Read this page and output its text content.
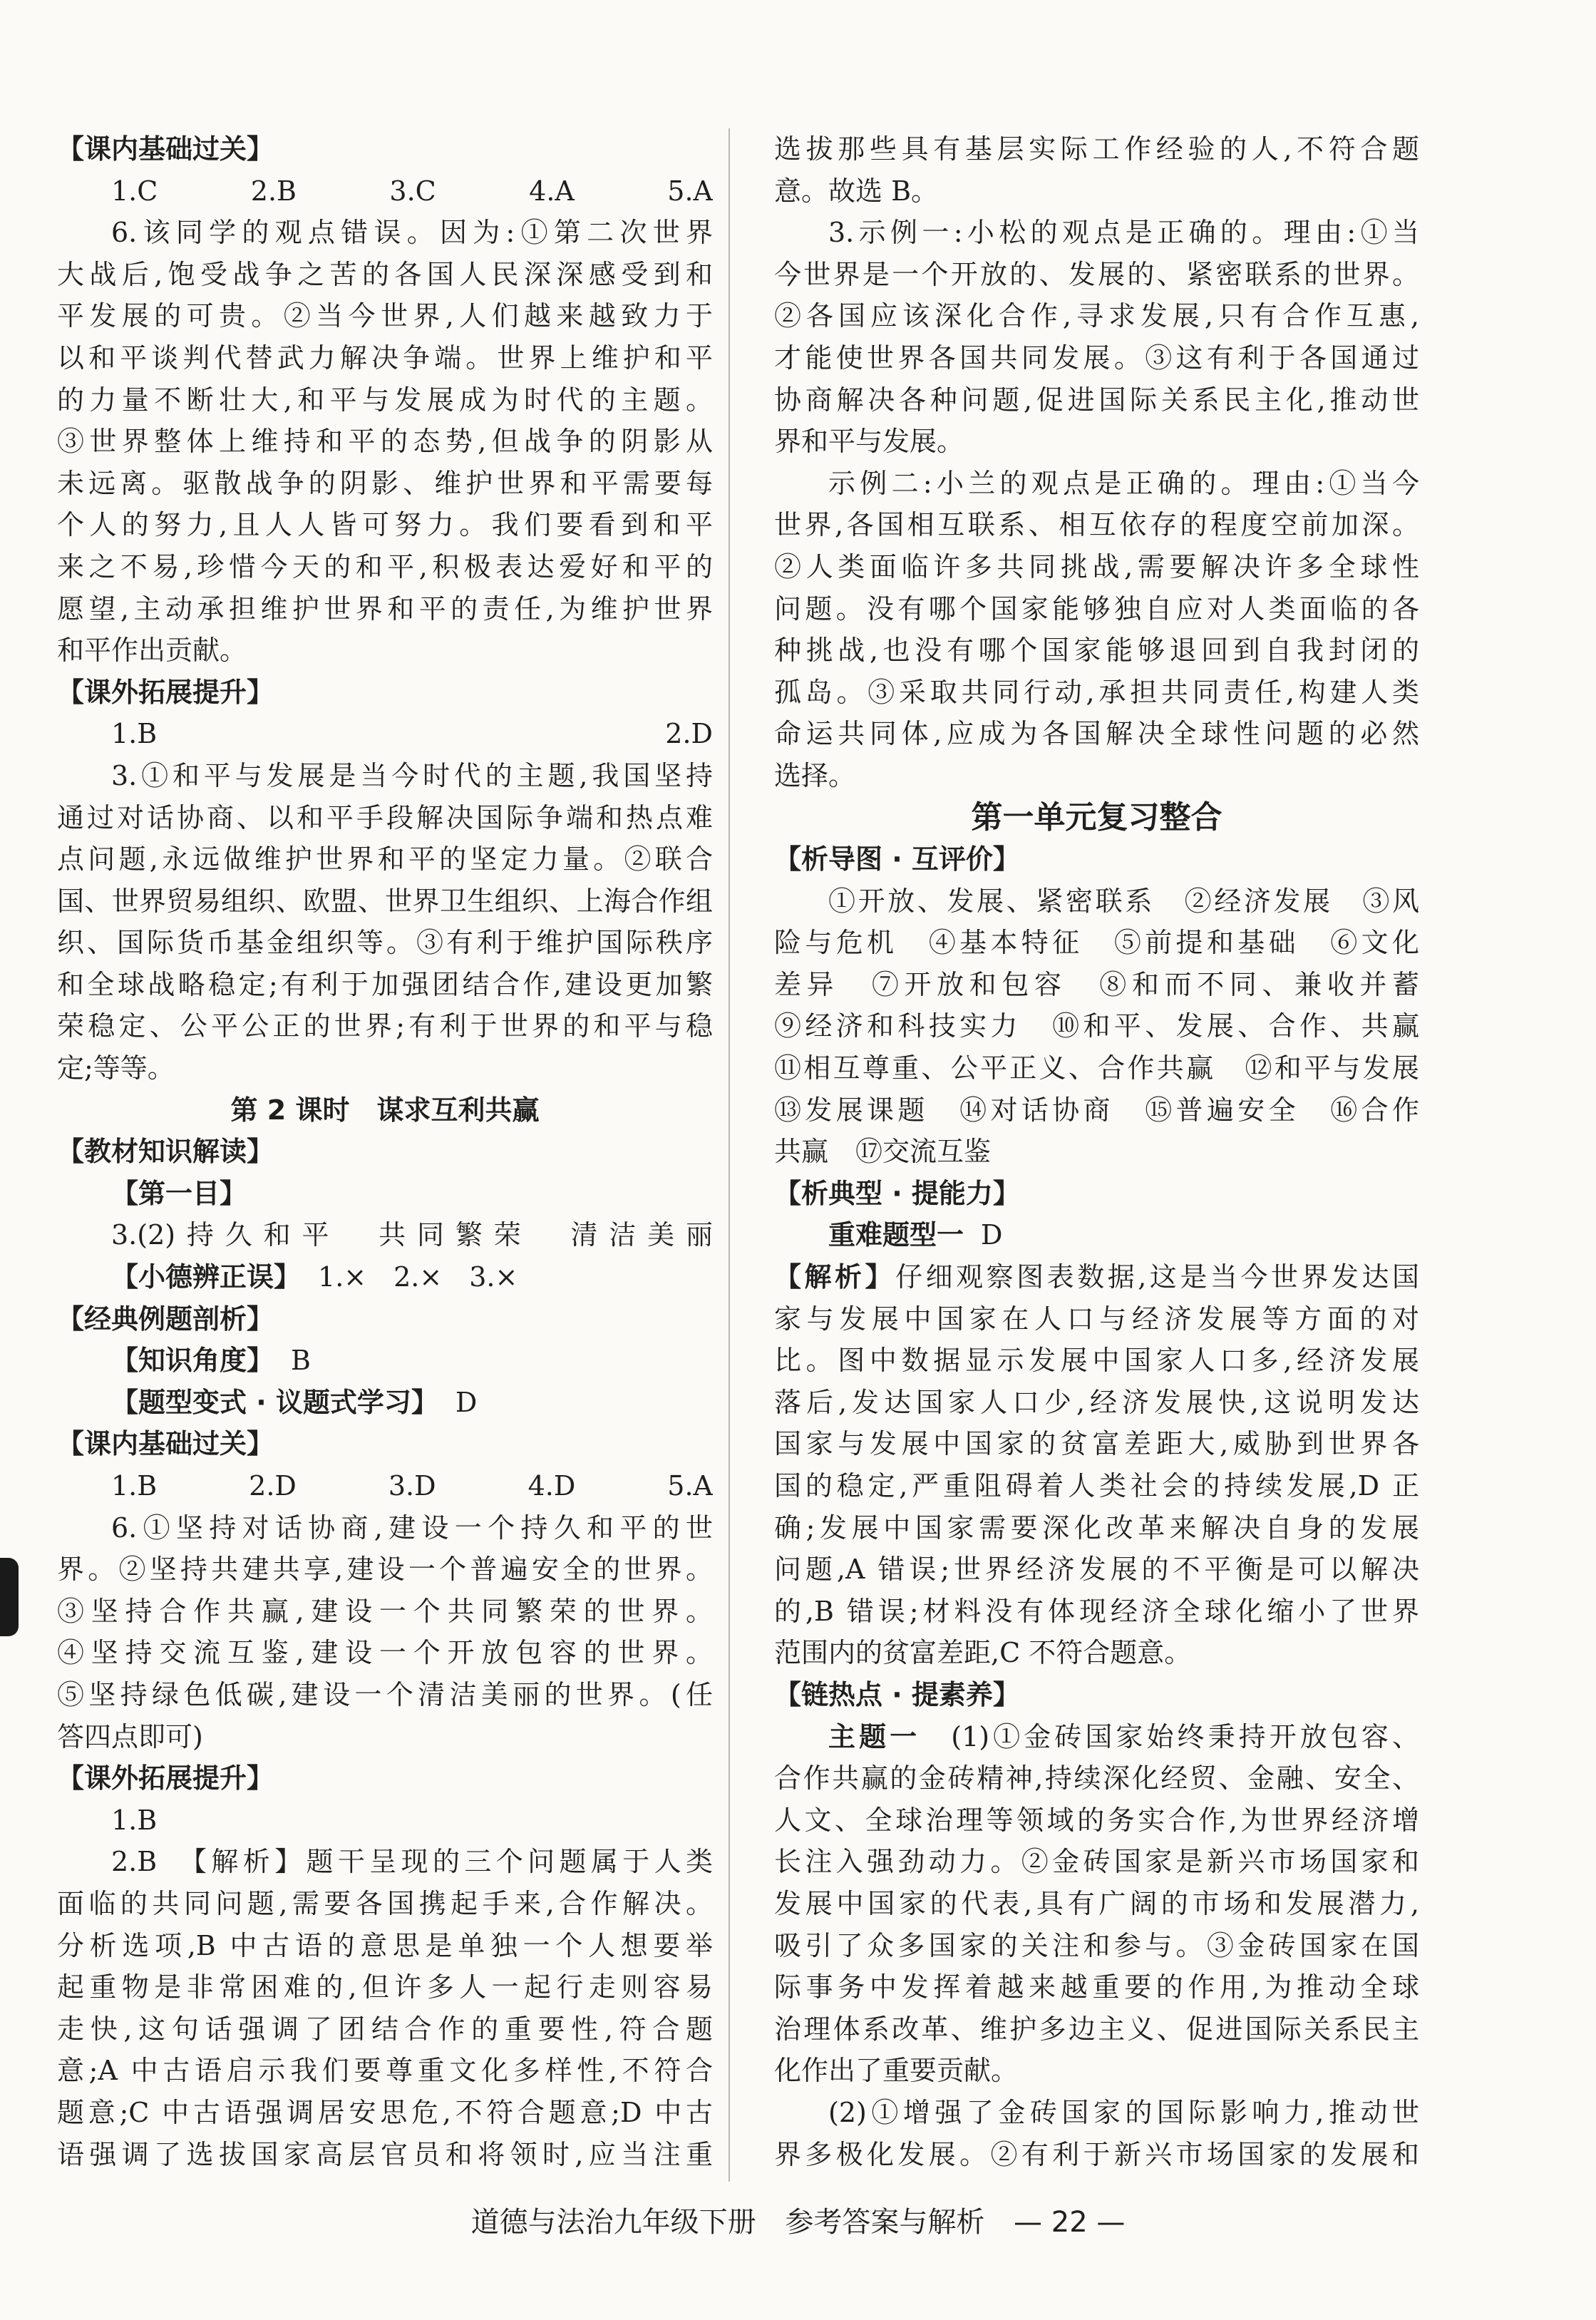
【课内基础过关】
1.C　2.B　3.C　4.A　5.A
6.该同学的观点错误。因为:①第二次世界
大战后,饱受战争之苦的各国人民深深感受到和
平发展的可贵。②当今世界,人们越来越致力于
以和平谈判代替武力解决争端。世界上维护和平
的力量不断壮大,和平与发展成为时代的主题。
③世界整体上维持和平的态势,但战争的阴影从
未远离。驱散战争的阴影、维护世界和平需要每
个人的努力,且人人皆可努力。我们要看到和平
来之不易,珍惜今天的和平,积极表达爱好和平的
愿望,主动承担维护世界和平的责任,为维护世界
和平作出贡献。
【课外拓展提升】
1.B　2.D
3.①和平与发展是当今时代的主题,我国坚持
通过对话协商、以和平手段解决国际争端和热点难
点问题,永远做维护世界和平的坚定力量。②联合
国、世界贸易组织、欧盟、世界卫生组织、上海合作组
织、国际货币基金组织等。③有利于维护国际秩序
和全球战略稳定;有利于加强团结合作,建设更加繁
荣稳定、公平公正的世界;有利于世界的和平与稳
定;等等。
第 2 课时　谋求互利共赢
【教材知识解读】
【第一目】
3.(2)持久和平　共同繁荣　清洁美丽
【小德辨正误】 1.×　2.×　3.×
【经典例题剖析】
【知识角度】 B
【题型变式 · 议题式学习】 D
【课内基础过关】
1.B　2.D　3.D　4.D　5.A
6.①坚持对话协商,建设一个持久和平的世
界。②坚持共建共享,建设一个普遍安全的世界。
③坚持合作共赢,建设一个共同繁荣的世界。
④坚持交流互鉴,建设一个开放包容的世界。
⑤坚持绿色低碳,建设一个清洁美丽的世界。(任
答四点即可)
【课外拓展提升】
1.B
2.B　【解析】题干呈现的三个问题属于人类
面临的共同问题,需要各国携起手来,合作解决。
分析选项,B 中古语的意思是单独一个人想要举
起重物是非常困难的,但许多人一起行走则容易
走快,这句话强调了团结合作的重要性,符合题
意;A 中古语启示我们要尊重文化多样性,不符合
题意;C 中古语强调居安思危,不符合题意;D 中古
语强调了选拔国家高层官员和将领时,应当注重
选拔那些具有基层实际工作经验的人,不符合题
意。故选 B。
3.示例一:小松的观点是正确的。理由:①当
今世界是一个开放的、发展的、紧密联系的世界。
②各国应该深化合作,寻求发展,只有合作互惠,
才能使世界各国共同发展。③这有利于各国通过
协商解决各种问题,促进国际关系民主化,推动世
界和平与发展。
示例二:小兰的观点是正确的。理由:①当今
世界,各国相互联系、相互依存的程度空前加深。
②人类面临许多共同挑战,需要解决许多全球性
问题。没有哪个国家能够独自应对人类面临的各
种挑战,也没有哪个国家能够退回到自我封闭的
孤岛。③采取共同行动,承担共同责任,构建人类
命运共同体,应成为各国解决全球性问题的必然
选择。
第一单元复习整合
【析导图 · 互评价】
①开放、发展、紧密联系　②经济发展　③风
险与危机　④基本特征　⑤前提和基础　⑥文化
差异　⑦开放和包容　⑧和而不同、兼收并蓄
⑨经济和科技实力　⑩和平、发展、合作、共赢
⑪相互尊重、公平正义、合作共赢　⑫和平与发展
⑬发展课题　⑭对话协商　⑮普遍安全　⑯合作
共赢　⑰交流互鉴
【析典型 · 提能力】
重难题型一 D
【解析】仔细观察图表数据,这是当今世界发达国
家与发展中国家在人口与经济发展等方面的对
比。图中数据显示发展中国家人口多,经济发展
落后,发达国家人口少,经济发展快,这说明发达
国家与发展中国家的贫富差距大,威胁到世界各
国的稳定,严重阻碍着人类社会的持续发展,D 正
确;发展中国家需要深化改革来解决自身的发展
问题,A 错误;世界经济发展的不平衡是可以解决
的,B 错误;材料没有体现经济全球化缩小了世界
范围内的贫富差距,C 不符合题意。
【链热点 · 提素养】
主题一　(1)①金砖国家始终秉持开放包容、
合作共赢的金砖精神,持续深化经贸、金融、安全、
人文、全球治理等领域的务实合作,为世界经济增
长注入强劲动力。②金砖国家是新兴市场国家和
发展中国家的代表,具有广阔的市场和发展潜力,
吸引了众多国家的关注和参与。③金砖国家在国
际事务中发挥着越来越重要的作用,为推动全球
治理体系改革、维护多边主义、促进国际关系民主
化作出了重要贡献。
(2)①增强了金砖国家的国际影响力,推动世
界多极化发展。②有利于新兴市场国家的发展和
道德与法治九年级下册 参考答案与解析 — 22 —
